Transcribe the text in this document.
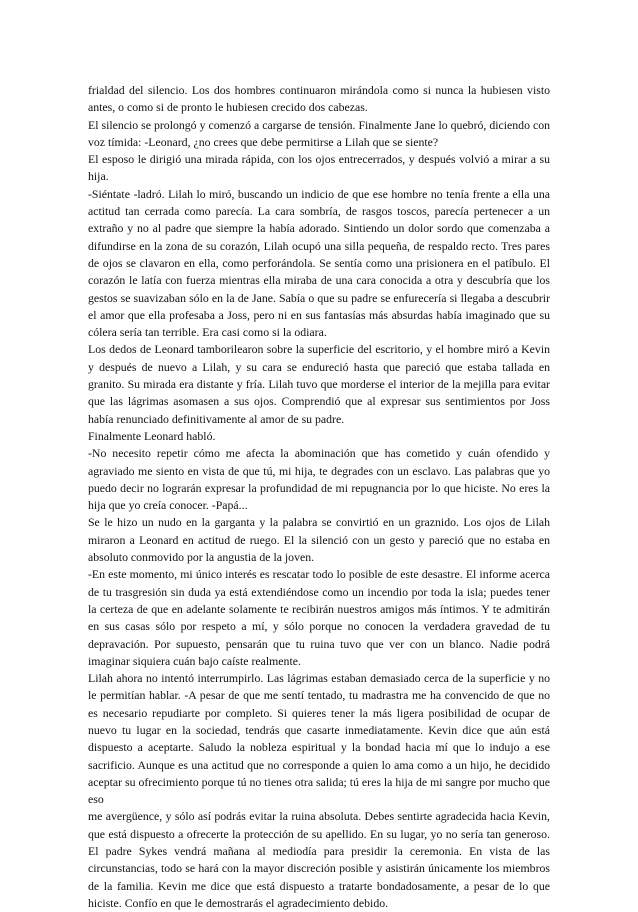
frialdad del silencio. Los dos hombres continuaron mirándola como si nunca la hubiesen visto antes, o como si de pronto le hubiesen crecido dos cabezas.

El silencio se prolongó y comenzó a cargarse de tensión. Finalmente Jane lo quebró, diciendo con voz tímida: -Leonard, ¿no crees que debe permitirse a Lilah que se siente?

El esposo le dirigió una mirada rápida, con los ojos entrecerrados, y después volvió a mirar a su hija.

-Siéntate -ladró. Lilah lo miró, buscando un indicio de que ese hombre no tenía frente a ella una actitud tan cerrada como parecía. La cara sombría, de rasgos toscos, parecía pertenecer a un extraño y no al padre que siempre la había adorado. Sintiendo un dolor sordo que comenzaba a difundirse en la zona de su corazón, Lilah ocupó una silla pequeña, de respaldo recto. Tres pares de ojos se clavaron en ella, como perforándola. Se sentía como una prisionera en el patíbulo. El corazón le latía con fuerza mientras ella miraba de una cara conocida a otra y descubría que los gestos se suavizaban sólo en la de Jane. Sabía o que su padre se enfurecería si llegaba a descubrir el amor que ella profesaba a Joss, pero ni en sus fantasías más absurdas había imaginado que su cólera sería tan terrible. Era casi como si la odiara.

Los dedos de Leonard tamborilearon sobre la superficie del escritorio, y el hombre miró a Kevin y después de nuevo a Lilah, y su cara se endureció hasta que pareció que estaba tallada en granito. Su mirada era distante y fría. Lilah tuvo que morderse el interior de la mejilla para evitar que las lágrimas asomasen a sus ojos. Comprendió que al expresar sus sentimientos por Joss había renunciado definitivamente al amor de su padre.

Finalmente Leonard habló.

-No necesito repetir cómo me afecta la abominación que has cometido y cuán ofendido y agraviado me siento en vista de que tú, mi hija, te degrades con un esclavo. Las palabras que yo puedo decir no lograrán expresar la profundidad de mi repugnancia por lo que hiciste. No eres la hija que yo creía conocer. -Papá...

Se le hizo un nudo en la garganta y la palabra se convirtió en un graznido. Los ojos de Lilah miraron a Leonard en actitud de ruego. El la silenció con un gesto y pareció que no estaba en absoluto conmovido por la angustia de la joven.

-En este momento, mi único interés es rescatar todo lo posible de este desastre. El informe acerca de tu trasgresión sin duda ya está extendiéndose como un incendio por toda la isla; puedes tener la certeza de que en adelante solamente te recibirán nuestros amigos más íntimos. Y te admitirán en sus casas sólo por respeto a mí, y sólo porque no conocen la verdadera gravedad de tu depravación. Por supuesto, pensarán que tu ruina tuvo que ver con un blanco. Nadie podrá imaginar siquiera cuán bajo caíste realmente.

Lilah ahora no intentó interrumpirlo. Las lágrimas estaban demasiado cerca de la superficie y no le permitían hablar. -A pesar de que me sentí tentado, tu madrastra me ha convencido de que no es necesario repudiarte por completo. Si quieres tener la más ligera posibilidad de ocupar de nuevo tu lugar en la sociedad, tendrás que casarte inmediatamente. Kevin dice que aún está dispuesto a aceptarte. Saludo la nobleza espiritual y la bondad hacia mí que lo indujo a ese sacrificio. Aunque es una actitud que no corresponde a quien lo ama como a un hijo, he decidido aceptar su ofrecimiento porque tú no tienes otra salida; tú eres la hija de mi sangre por mucho que eso

me avergüence, y sólo así podrás evitar la ruina absoluta. Debes sentirte agradecida hacia Kevin, que está dispuesto a ofrecerte la protección de su apellido. En su lugar, yo no sería tan generoso. El padre Sykes vendrá mañana al mediodía para presidir la ceremonia. En vista de las circunstancias, todo se hará con la mayor discreción posible y asistirán únicamente los miembros de la familia. Kevin me dice que está dispuesto a tratarte bondadosamente, a pesar de lo que hiciste. Confío en que le demostrarás el agradecimiento debido.
